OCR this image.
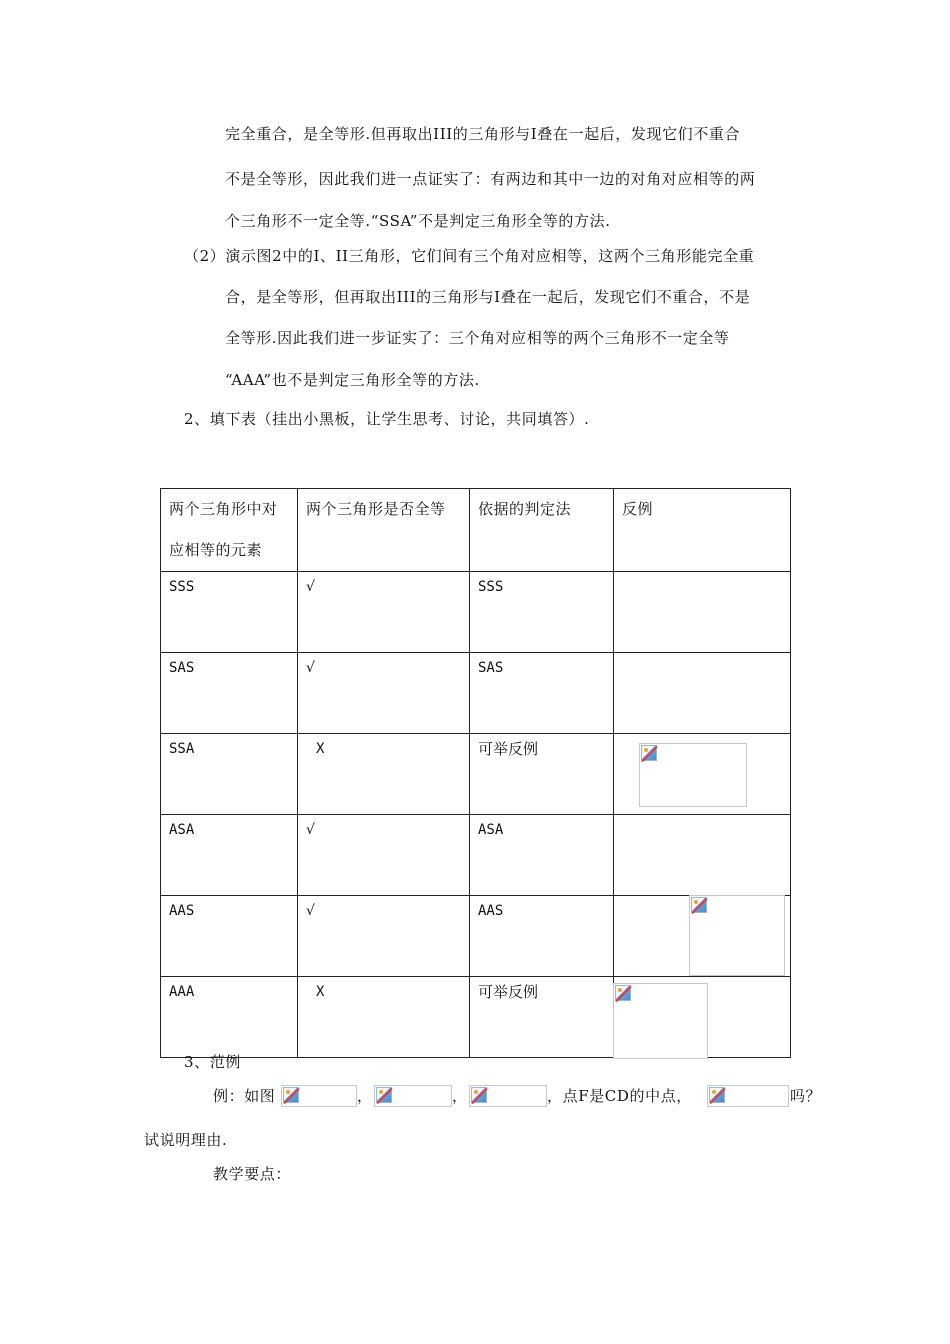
完全重合，是全等形.但再取出III的三角形与I叠在一起后，发现它们不重合
不是全等形，因此我们进一点证实了：有两边和其中一边的对角对应相等的两
个三角形不一定全等.“SSA”不是判定三角形全等的方法.
（2）演示图2中的I、II三角形，它们间有三个角对应相等，这两个三角形能完全重
合，是全等形，但再取出III的三角形与I叠在一起后，发现它们不重合，不是
全等形.因此我们进一步证实了：三个角对应相等的两个三角形不一定全等
“AAA”也不是判定三角形全等的方法.
2、填下表（挂出小黑板，让学生思考、讨论，共同填答）.
两个三角形中对
应相等的元素	两个三角形是否全等	依据的判定法	反例
SSS	√	SSS	
SAS	√	SAS	
SSA	X	可举反例	

ASA	√	ASA	
AAS	√	AAS	

AAA	X	可举反例	
3、范例
例：如图	，	，	，点F是CD的中点，	吗？
试说明理由.
教学要点：
